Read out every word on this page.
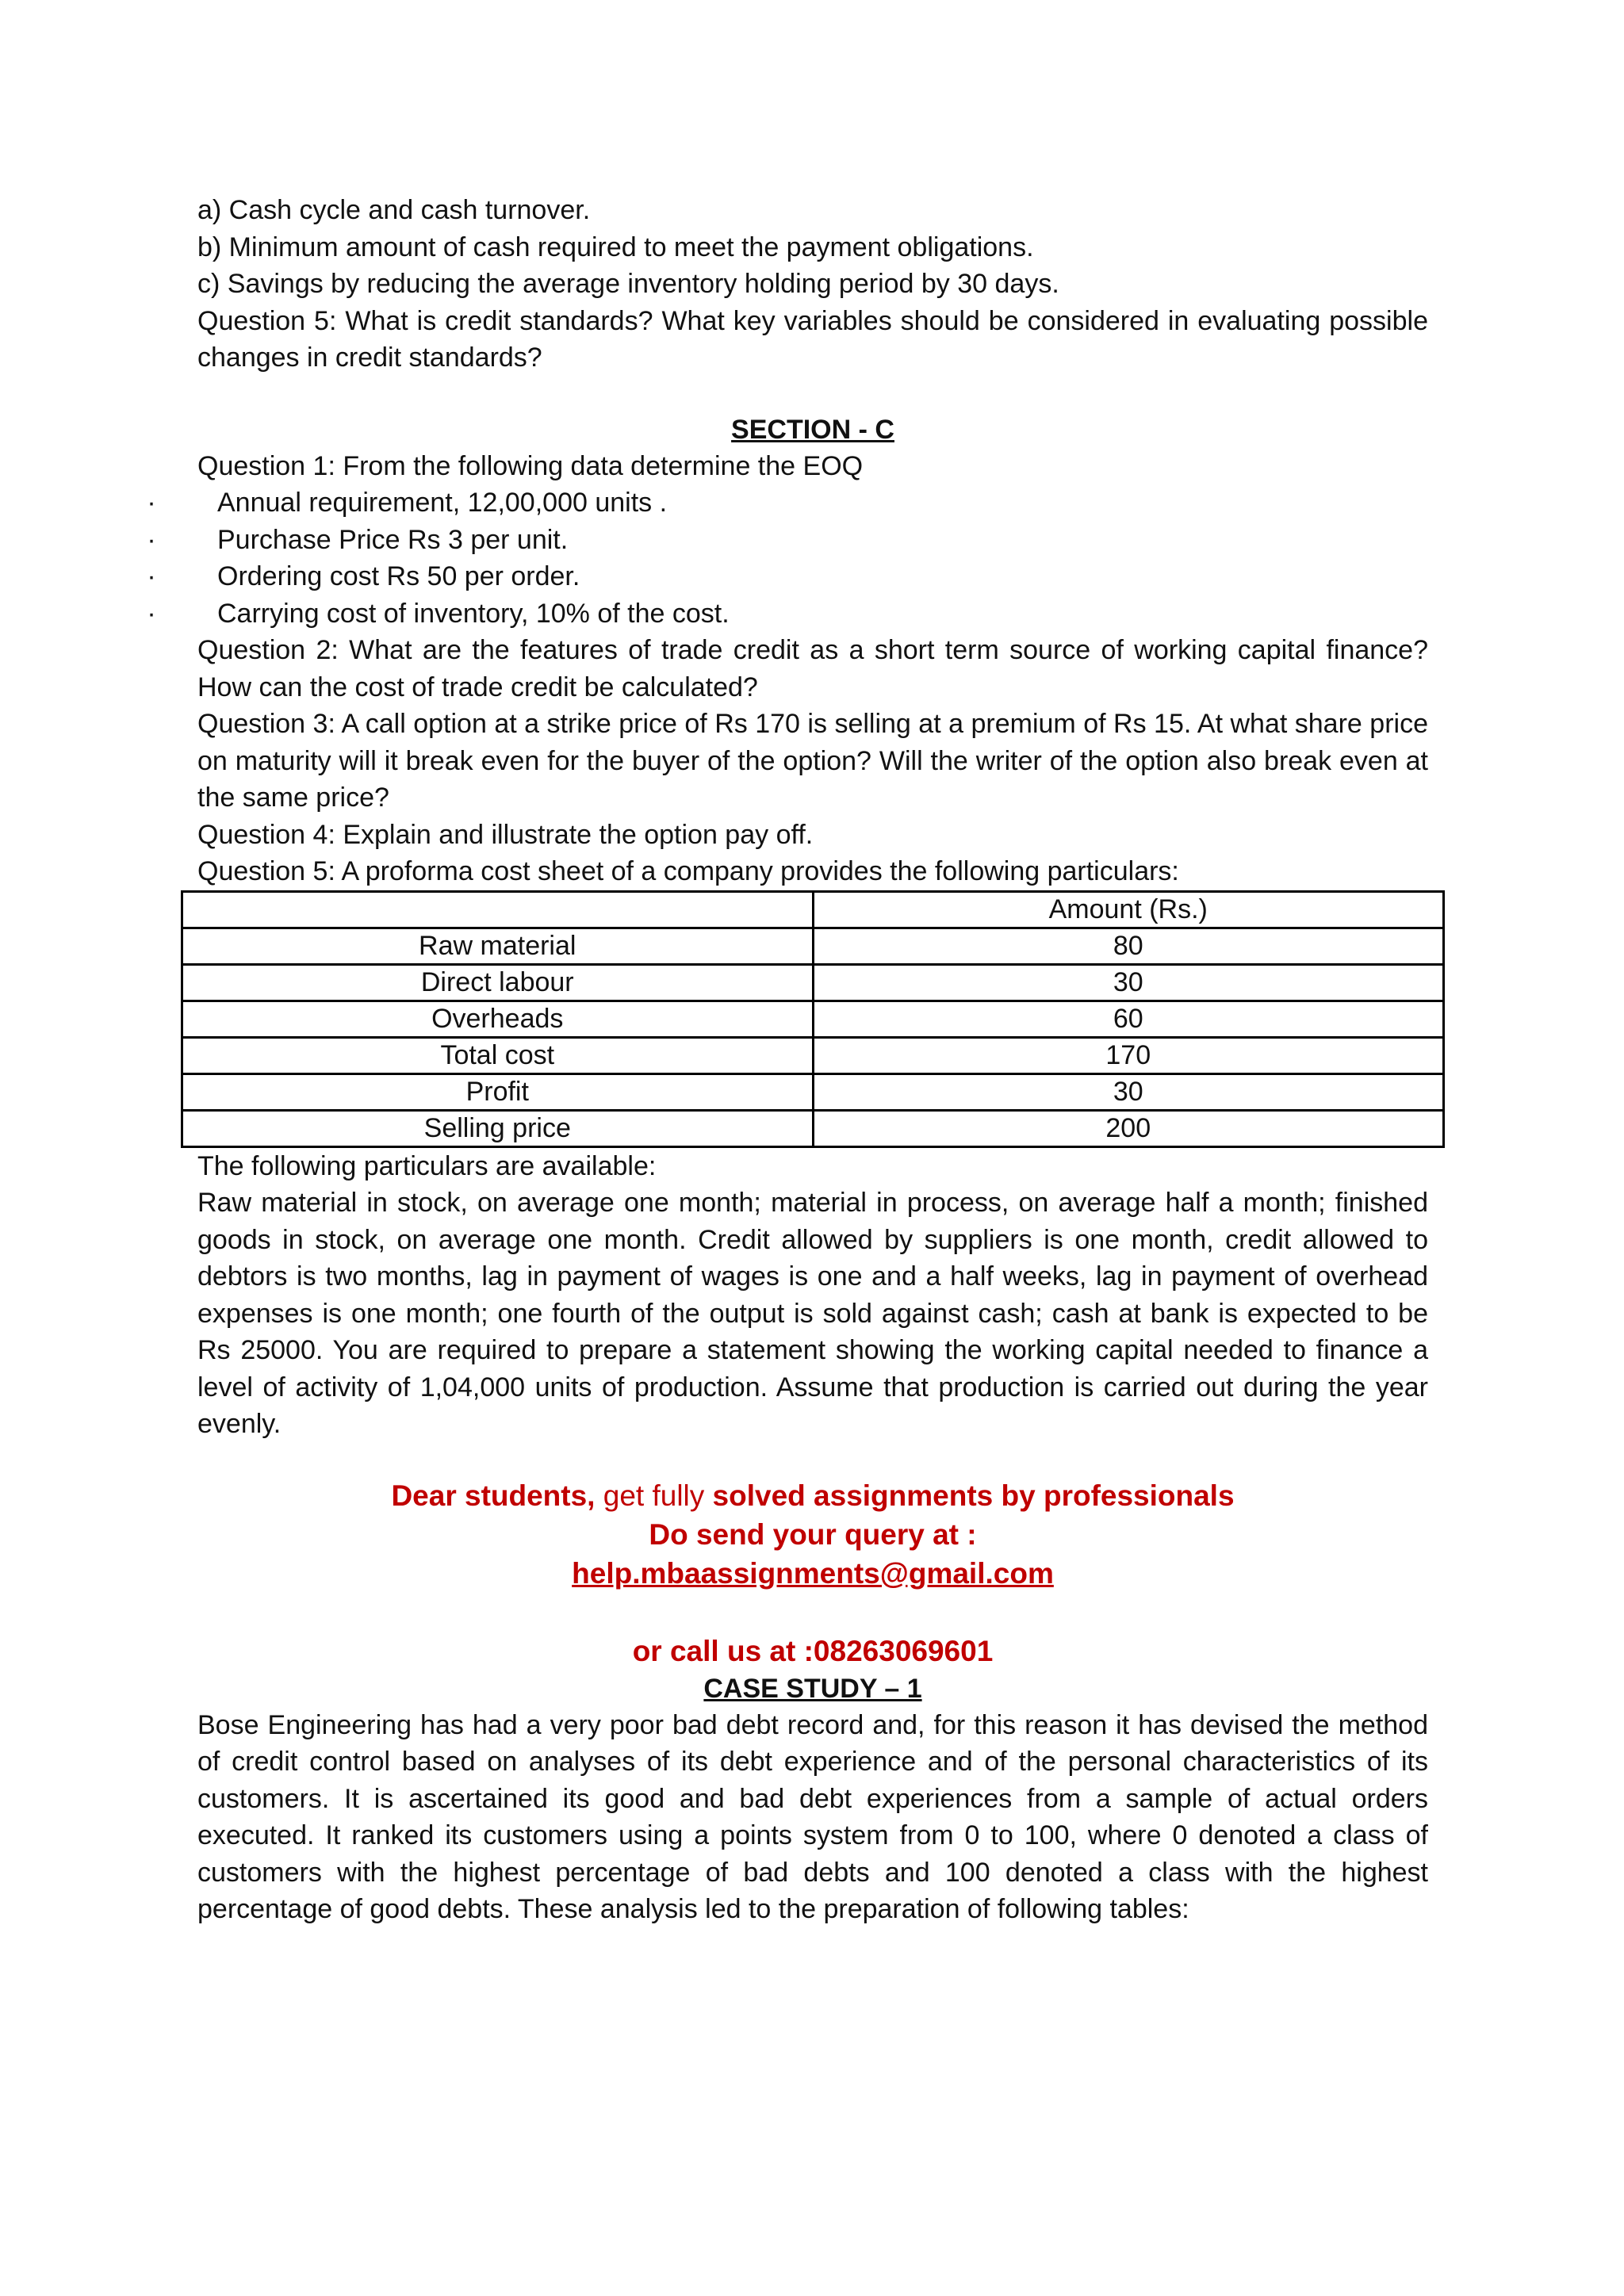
a) Cash cycle and cash turnover.
b) Minimum amount of cash required to meet the payment obligations.
c) Savings by reducing the average inventory holding period by 30 days.
Question 5: What is credit standards? What key variables should be considered in evaluating possible changes in credit standards?
SECTION - C
Question 1: From the following data determine the EOQ
· Annual requirement, 12,00,000 units .
· Purchase Price Rs 3 per unit.
· Ordering cost Rs 50 per order.
· Carrying cost of inventory, 10% of the cost.
Question 2: What are the features of trade credit as a short term source of working capital finance? How can the cost of trade credit be calculated?
Question 3: A call option at a strike price of Rs 170 is selling at a premium of Rs 15. At what share price on maturity will it break even for the buyer of the option? Will the writer of the option also break even at the same price?
Question 4: Explain and illustrate the option pay off.
Question 5: A proforma cost sheet of a company provides the following particulars:
	Amount (Rs.)
Raw material	80
Direct labour	30
Overheads	60
Total cost	170
Profit	30
Selling price	200
The following particulars are available:
Raw material in stock, on average one month; material in process, on average half a month; finished goods in stock, on average one month. Credit allowed by suppliers is one month, credit allowed to debtors is two months, lag in payment of wages is one and a half weeks, lag in payment of overhead expenses is one month; one fourth of the output is sold against cash; cash at bank is expected to be Rs 25000. You are required to prepare a statement showing the working capital needed to finance a level of activity of 1,04,000 units of production. Assume that production is carried out during the year evenly.
Dear students, get fully solved assignments by professionals
Do send your query at :
help.mbaassignments@gmail.com
or call us at :08263069601
CASE STUDY – 1
Bose Engineering has had a very poor bad debt record and, for this reason it has devised the method of credit control based on analyses of its debt experience and of the personal characteristics of its customers. It is ascertained its good and bad debt experiences from a sample of actual orders executed. It ranked its customers using a points system from 0 to 100, where 0 denoted a class of customers with the highest percentage of bad debts and 100 denoted a class with the highest percentage of good debts. These analysis led to the preparation of following tables:
